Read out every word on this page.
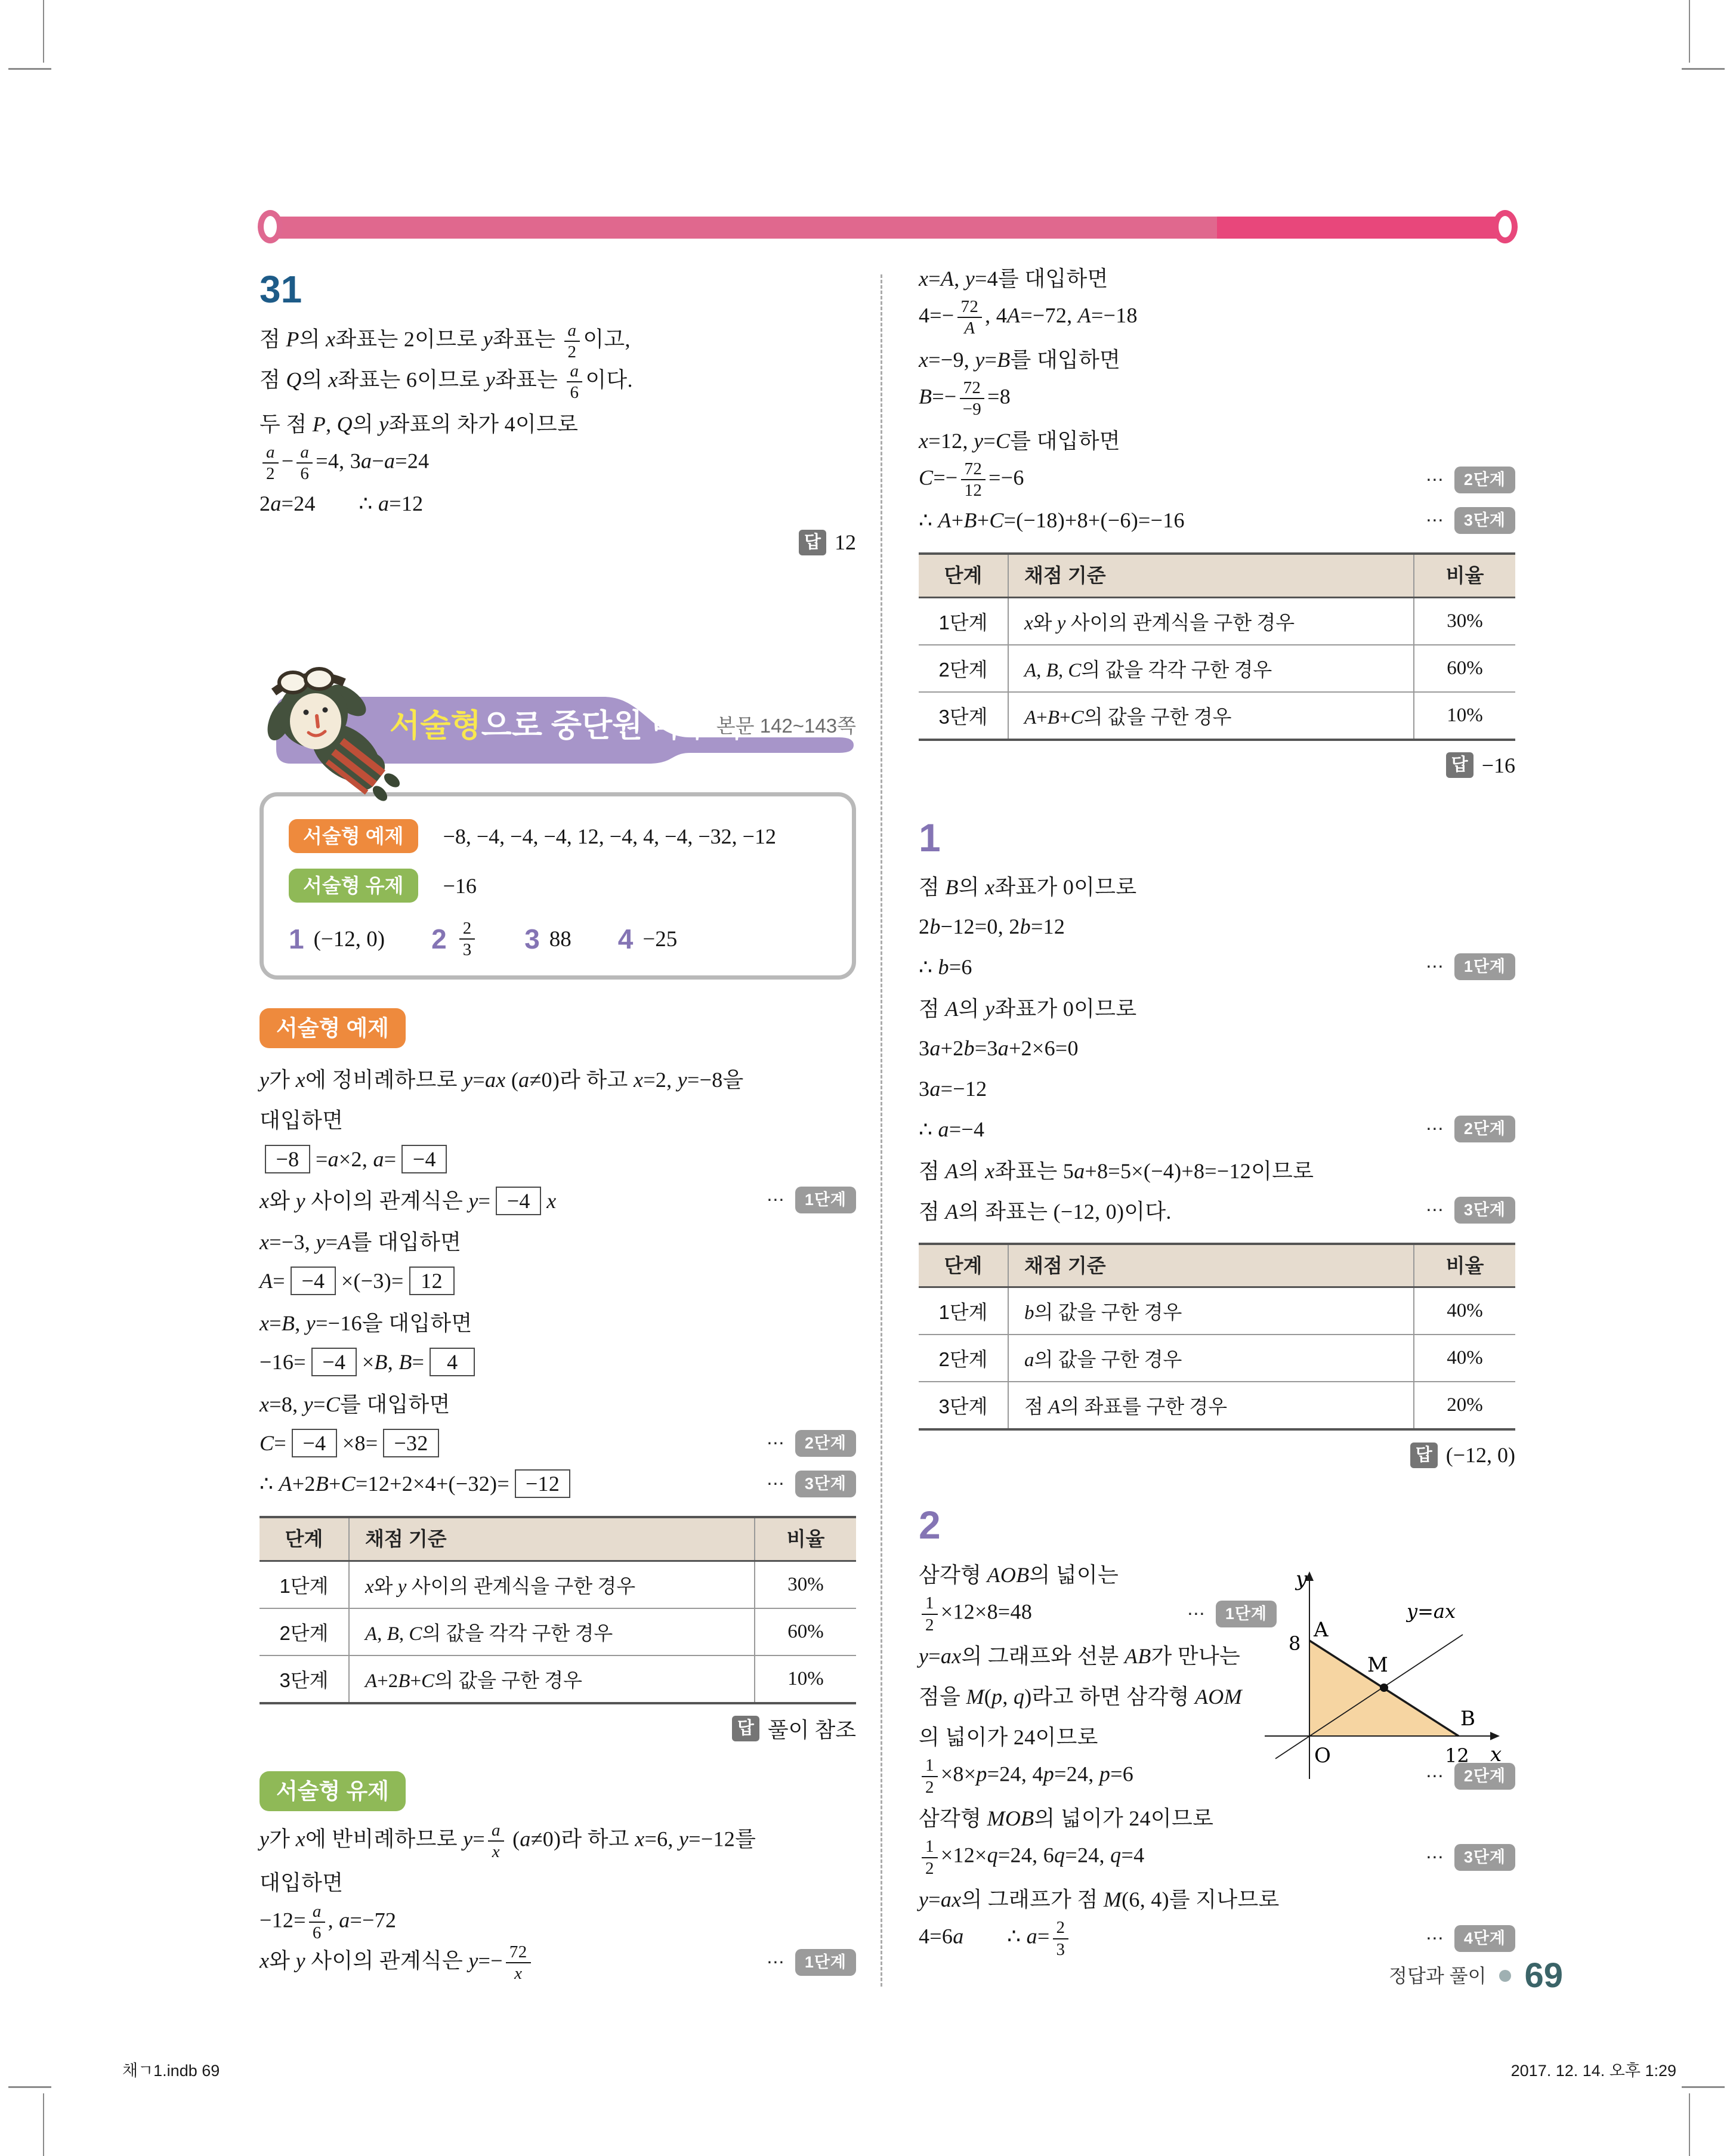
31
점 P의 x좌표는 2이므로 y좌표는 $\frac{a}{2}$ 이고,
점 Q의 x좌표는 6이므로 y좌표는 $\frac{a}{6}$ 이다.
두 점 P, Q의 y좌표의 차가 4이므로
$\frac{a}{2} - \frac{a}{6} =4$, 3a−a=24
2a=24  ∴ a=12
답 12
서술형으로 중단원 마무리
본문 142~143쪽
서술형 예제	−8, −4, −4, −4, 12, −4, 4, −4, −32, −12
서술형 유제	−16
1 (−12, 0) $2 \frac{2}{3} 3$ 88 4 −25
서술형 예제
y가 x에 정비례하므로 y=ax (a≠0)라 하고 x=2, y=−8을
대입하면
−8 =a×2, a= −4
x와 y 사이의 관계식은 y= −4 x	⋯	1단계
x=−3, y=A를 대입하면
A= −4 ×(−3)= 12
x=B, y=−16을 대입하면
−16= −4 ×B, B= 4
x=8, y=C를 대입하면
C= −4 ×8= −32	⋯	2단계
∴ A+2B+C=12+2×4+(−32)= −12	⋯	3단계
단계	채점 기준	비율
1단계	x와 y 사이의 관계식을 구한 경우	30%
2단계	A, B, C의 값을 각각 구한 경우	60%
3단계	A+2B+C의 값을 구한 경우	10%
답 풀이 참조
서술형 유제
y가 x에 반비례하므로 $y= \frac{a}{x} (a\ne 0)$라 하고 x=6, y=−12를
대입하면
$-12= \frac{a}{6}$ , a=−72
x와 y 사이의 관계식은 $y=- \frac{72}{x}$	⋯	1단계
x=A, y=4를 대입하면
$4=- \frac{72}{A}$ , 4A=−72, A=−18
x=−9, y=B를 대입하면
$B=- \frac{72}{-9} =8$
x=12, y=C를 대입하면
$C=- \frac{72}{12} =-6$	⋯	2단계
∴ A+B+C=(−18)+8+(−6)=−16	⋯	3단계
단계	채점 기준	비율
1단계	x와 y 사이의 관계식을 구한 경우	30%
2단계	A, B, C의 값을 각각 구한 경우	60%
3단계	A+B+C의 값을 구한 경우	10%
답 −16
1
점 B의 x좌표가 0이므로
2b−12=0, 2b=12
∴ b=6	⋯	1단계
점 A의 y좌표가 0이므로
3a+2b=3a+2×6=0
3a=−12
∴ a=−4	⋯	2단계
점 A의 x좌표는 5a+8=5×(−4)+8=−12이므로
점 A의 좌표는 (−12, 0)이다.	⋯	3단계
단계	채점 기준	비율
1단계	b의 값을 구한 경우	40%
2단계	a의 값을 구한 경우	40%
3단계	점 A의 좌표를 구한 경우	20%
답 (−12, 0)
2
삼각형 AOB의 넓이는
$\frac{1}{2} \times 12\times 8=48$	⋯	1단계
y=ax의 그래프와 선분 AB가 만나는
점을 M(p, q)라고 하면 삼각형 AOM
의 넓이가 24이므로
y
x
O
A
8
B
12
M
y=ax
$\frac{1}{2} \times 8\times p=24$, 4p=24, p=6	⋯	2단계
삼각형 MOB의 넓이가 24이므로
$\frac{1}{2} \times 12\times q=24$, 6q=24, q=4	⋯	3단계
y=ax의 그래프가 점 M(6, 4)를 지나므로
4=6a  ∴ $a= \frac{2}{3}$	⋯	4단계
정답과 풀이 69
채ㄱ1.indb 69	2017. 12. 14. 오후 1:29
